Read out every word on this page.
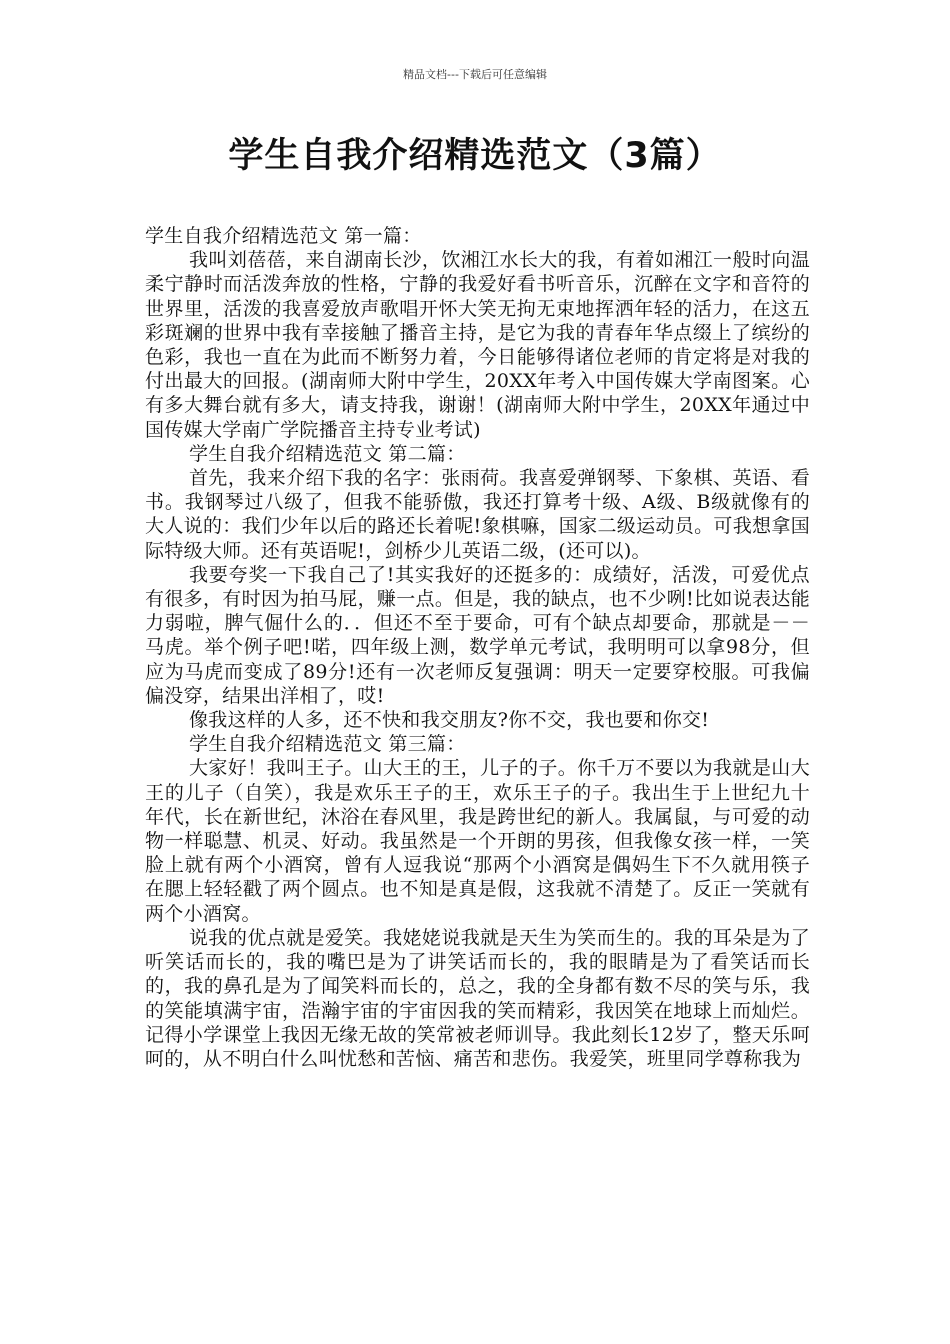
精品文档---下载后可任意编辑
学生自我介绍精选范文（3篇）

学生自我介绍精选范文 第一篇：

我叫刘蓓蓓，来自湖南长沙，饮湘江水长大的我，有着如湘江一般时向温柔宁静时而活泼奔放的性格，宁静的我爱好看书听音乐，沉醉在文字和音符的世界里，活泼的我喜爱放声歌唱开怀大笑无拘无束地挥洒年轻的活力，在这五彩斑斓的世界中我有幸接触了播音主持，是它为我的青春年华点缀上了缤纷的色彩，我也一直在为此而不断努力着，今日能够得诸位老师的肯定将是对我的付出最大的回报。(湖南师大附中学生，20XX年考入中国传媒大学南图案。心有多大舞台就有多大，请支持我，谢谢！(湖南师大附中学生，20XX年通过中国传媒大学南广学院播音主持专业考试)

学生自我介绍精选范文 第二篇：

首先，我来介绍下我的名字：张雨荷。我喜爱弹钢琴、下象棋、英语、看书。我钢琴过八级了，但我不能骄傲，我还打算考十级、A级、B级就像有的大人说的：我们少年以后的路还长着呢!象棋嘛，国家二级运动员。可我想拿国际特级大师。还有英语呢!，剑桥少儿英语二级，(还可以)。

我要夸奖一下我自己了!其实我好的还挺多的：成绩好，活泼，可爱优点有很多，有时因为拍马屁，赚一点。但是，我的缺点，也不少咧!比如说表达能力弱啦，脾气倔什么的．．但还不至于要命，可有个缺点却要命，那就是－－马虎。举个例子吧!喏，四年级上测，数学单元考试，我明明可以拿98分，但应为马虎而变成了89分!还有一次老师反复强调：明天一定要穿校服。可我偏偏没穿，结果出洋相了，哎!

像我这样的人多，还不快和我交朋友?你不交，我也要和你交!

学生自我介绍精选范文 第三篇：

大家好！我叫王子。山大王的王，儿子的子。你千万不要以为我就是山大王的儿子（自笑），我是欢乐王子的王，欢乐王子的子。我出生于上世纪九十年代，长在新世纪，沐浴在春风里，我是跨世纪的新人。我属鼠，与可爱的动物一样聪慧、机灵、好动。我虽然是一个开朗的男孩，但我像女孩一样，一笑脸上就有两个小酒窝，曾有人逗我说“那两个小酒窝是偶妈生下不久就用筷子在腮上轻轻戳了两个圆点。也不知是真是假，这我就不清楚了。反正一笑就有两个小酒窝。

说我的优点就是爱笑。我姥姥说我就是天生为笑而生的。我的耳朵是为了听笑话而长的，我的嘴巴是为了讲笑话而长的，我的眼睛是为了看笑话而长的，我的鼻孔是为了闻笑料而长的，总之，我的全身都有数不尽的笑与乐，我的笑能填满宇宙，浩瀚宇宙的宇宙因我的笑而精彩，我因笑在地球上而灿烂。记得小学课堂上我因无缘无故的笑常被老师训导。我此刻长12岁了，整天乐呵呵的，从不明白什么叫忧愁和苦恼、痛苦和悲伤。我爱笑，班里同学尊称我为
